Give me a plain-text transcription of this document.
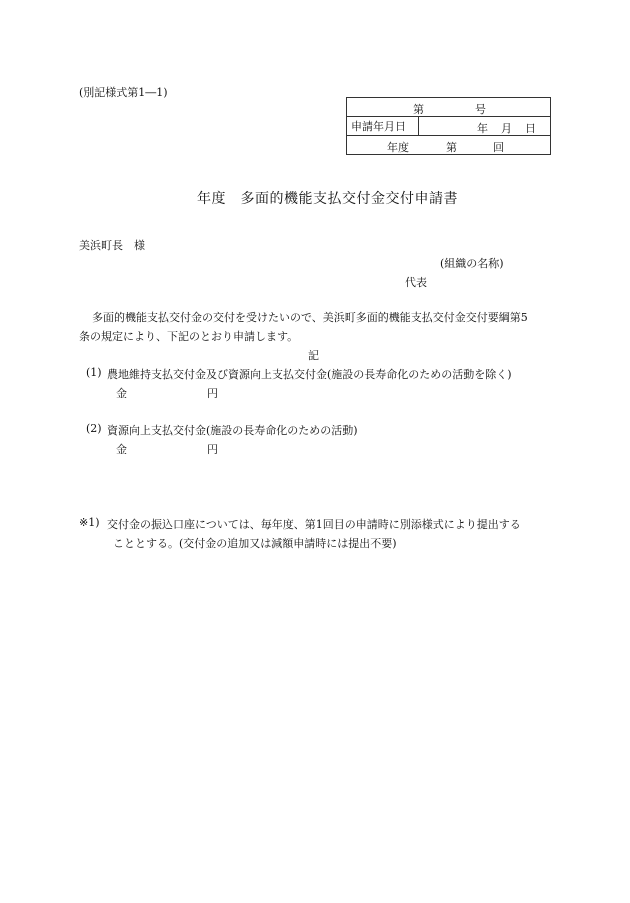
(別記様式第1―1)
第	号

申請年月日	年 月 日

年度	第	回
年度　多面的機能支払交付金交付申請書
美浜町長　様
(組織の名称)
代表
多面的機能支払交付金の交付を受けたいので、美浜町多面的機能支払交付金交付要綱第5
条の規定により、下記のとおり申請します。
記
(1) 農地維持支払交付金及び資源向上支払交付金(施設の長寿命化のための活動を除く)
金	円
(2) 資源向上支払交付金(施設の長寿命化のための活動)
金	円
※1) 交付金の振込口座については、毎年度、第1回目の申請時に別添様式により提出する
こととする。(交付金の追加又は減額申請時には提出不要)
